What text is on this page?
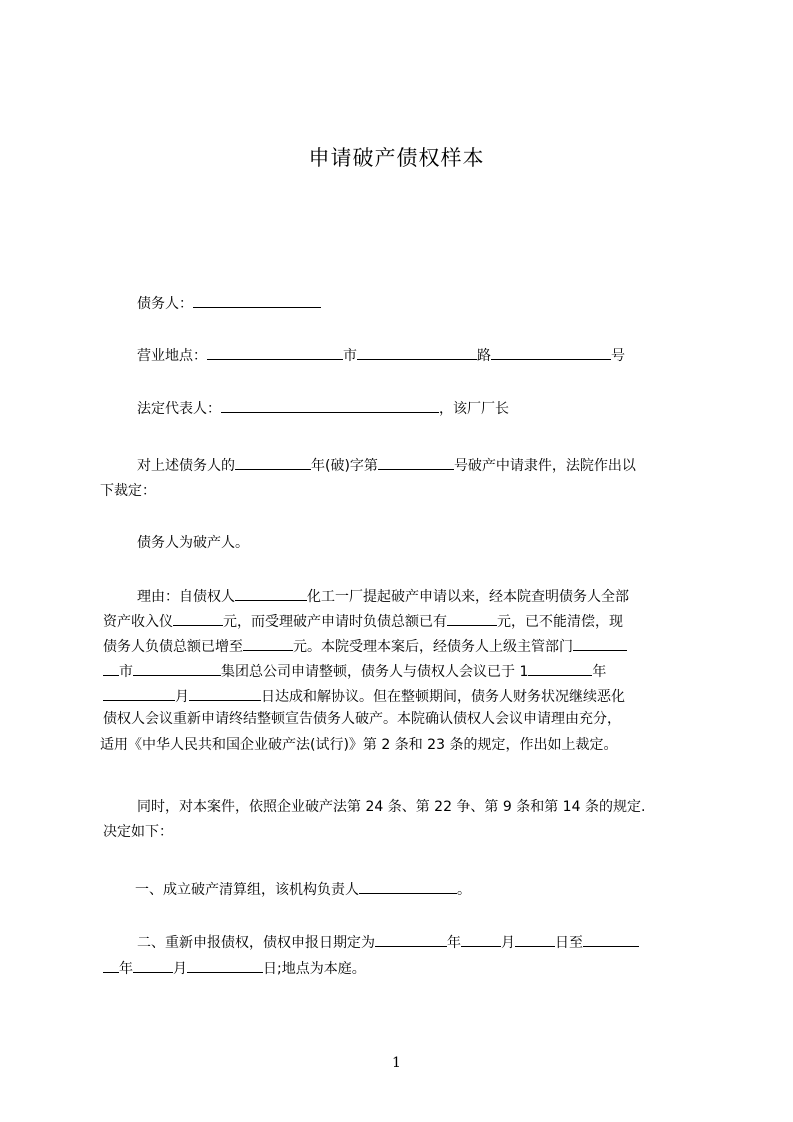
申请破产债权样本
债务人：
营业地点：	市	路	号
法定代表人：	，该厂厂长
对上述债务人的	年(破)字第	号破产中请隶件，法院作出以
下裁定：
债务人为破产人。
理由：自债权人	化工一厂提起破产申请以来，经本院查明债务人全部
资产收入仪	元，而受理破产申请时负债总额已有	元，已不能清偿，现
债务人负债总额已增至	元。本院受理本案后，经债务人上级主管部门
市	集团总公司申请整顿，债务人与债权人会议已于 1	年
月	日达成和解协议。但在整顿期间，债务人财务状况继续恶化
债权人会议重新申请终结整顿宣告债务人破产。本院确认债权人会议申请理由充分，
适用《中华人民共和国企业破产法(试行)》第 2 条和 23 条的规定，作出如上裁定。
同时，对本案件，依照企业破产法第 24 条、第 22 争、第 9 条和第 14 条的规定.
决定如下：
一、成立破产清算组，该机构负责人	。
二、重新申报债权，债权申报日期定为	年	月	日至
年	月	日;地点为本庭。
1
